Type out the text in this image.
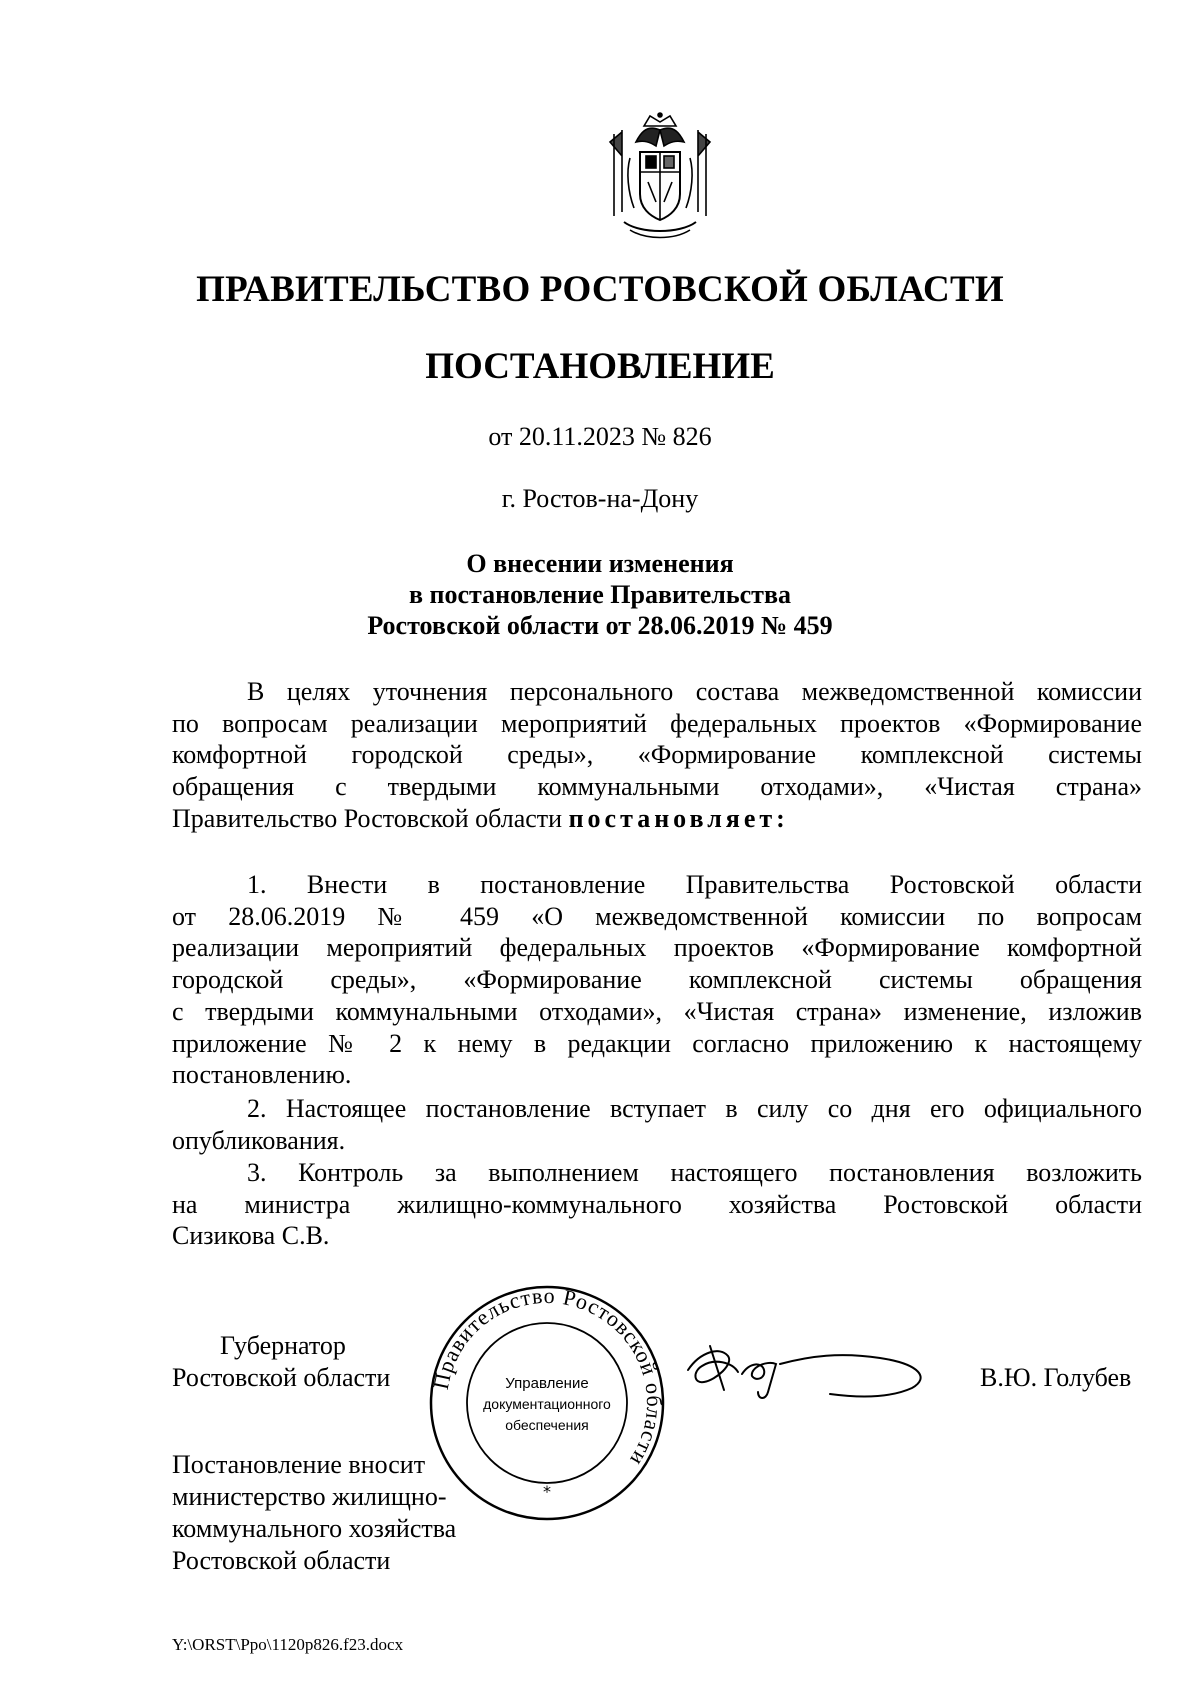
ПРАВИТЕЛЬСТВО РОСТОВСКОЙ ОБЛАСТИ
ПОСТАНОВЛЕНИЕ
от 20.11.2023 № 826
г. Ростов-на-Дону
О внесении изменения
в постановление Правительства
Ростовской области от 28.06.2019 № 459
В целях уточнения персонального состава межведомственной комиссии
по вопросам реализации мероприятий федеральных проектов «Формирование
комфортной городской среды», «Формирование комплексной системы
обращения с твердыми коммунальными отходами», «Чистая страна»
Правительство Ростовской области постановляет:
1. Внести в постановление Правительства Ростовской области
от 28.06.2019 № 459 «О межведомственной комиссии по вопросам
реализации мероприятий федеральных проектов «Формирование комфортной
городской среды», «Формирование комплексной системы обращения
с твердыми коммунальными отходами», «Чистая страна» изменение, изложив
приложение № 2 к нему в редакции согласно приложению к настоящему
постановлению.
2. Настоящее постановление вступает в силу со дня его официального
опубликования.
3. Контроль за выполнением настоящего постановления возложить
на министра жилищно-коммунального хозяйства Ростовской области
Сизикова С.В.
Губернатор
Ростовской области Правительство Ростовской области
Управление
документационного
обеспечения
*
В.Ю. Голубев
Постановление вносит
министерство жилищно-
коммунального хозяйства
Ростовской области
Y:\ORST\Ppo\1120p826.f23.docx
